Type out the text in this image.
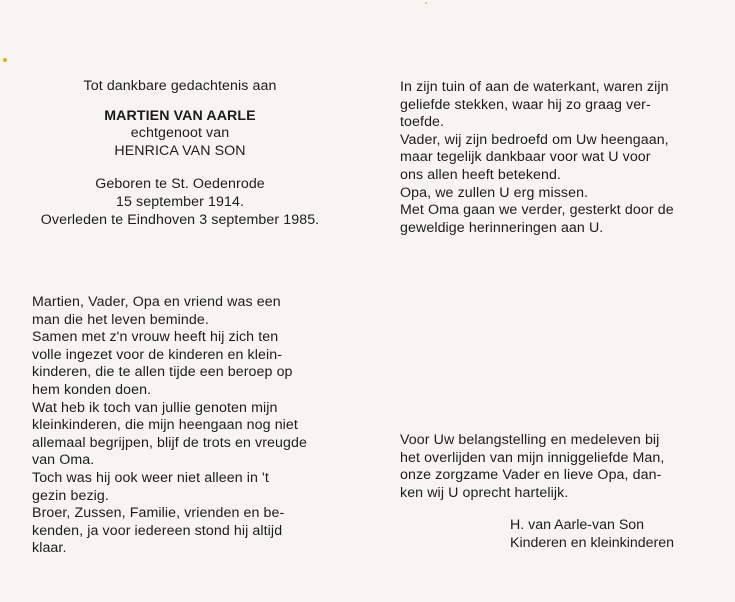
Tot dankbare gedachtenis aan
MARTIEN VAN AARLE
echtgenoot van
HENRICA VAN SON
Geboren te St. Oedenrode
15 september 1914.
Overleden te Eindhoven 3 september 1985.
Martien, Vader, Opa en vriend was een
man die het leven beminde.
Samen met z'n vrouw heeft hij zich ten
volle ingezet voor de kinderen en klein-
kinderen, die te allen tijde een beroep op
hem konden doen.
Wat heb ik toch van jullie genoten mijn
kleinkinderen, die mijn heengaan nog niet
allemaal begrijpen, blijf de trots en vreugde
van Oma.
Toch was hij ook weer niet alleen in 't
gezin bezig.
Broer, Zussen, Familie, vrienden en be-
kenden, ja voor iedereen stond hij altijd
klaar.
In zijn tuin of aan de waterkant, waren zijn
geliefde stekken, waar hij zo graag ver-
toefde.
Vader, wij zijn bedroefd om Uw heengaan,
maar tegelijk dankbaar voor wat U voor
ons allen heeft betekend.
Opa, we zullen U erg missen.
Met Oma gaan we verder, gesterkt door de
geweldige herinneringen aan U.
Voor Uw belangstelling en medeleven bij
het overlijden van mijn inniggeliefde Man,
onze zorgzame Vader en lieve Opa, dan-
ken wij U oprecht hartelijk.
H. van Aarle-van Son
Kinderen en kleinkinderen
